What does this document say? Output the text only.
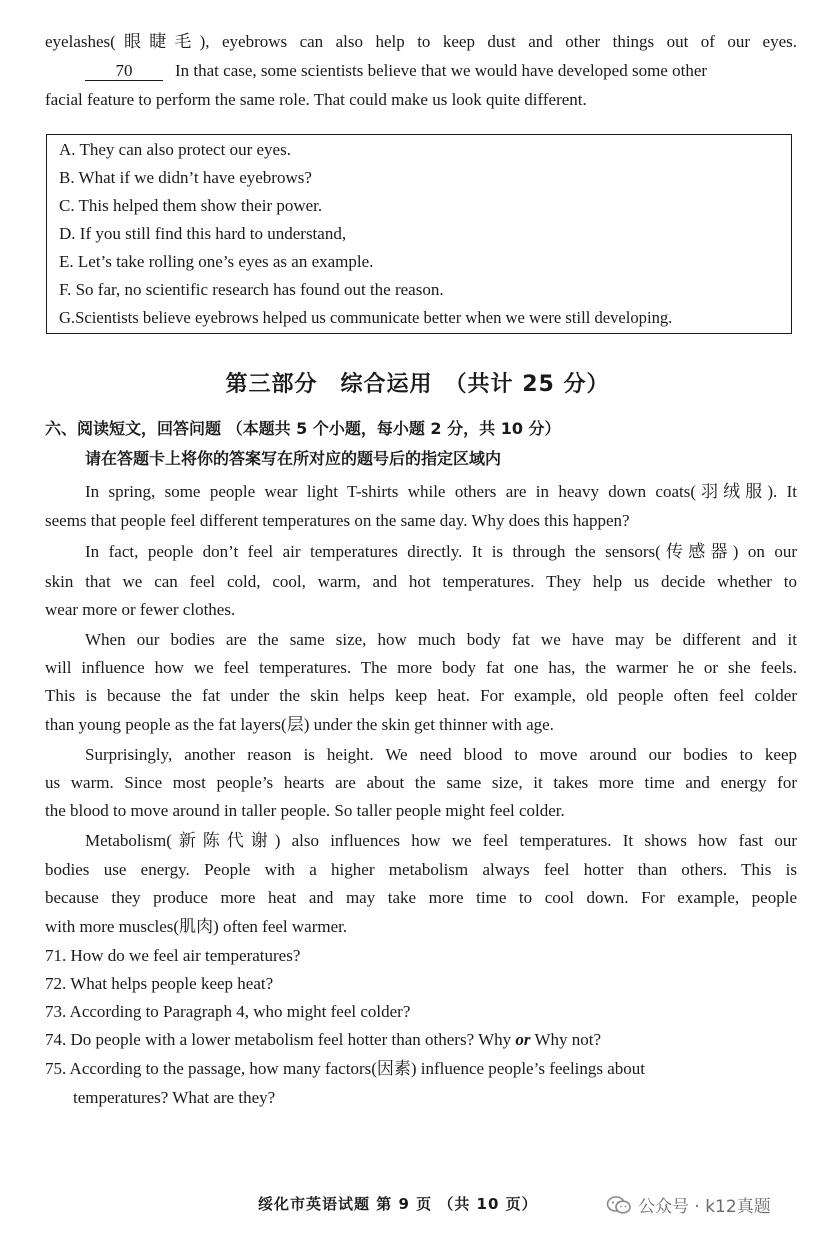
eyelashes(眼睫毛), eyebrows can also help to keep dust and other things out of our eyes.
70	In that case, some scientists believe that we would have developed some other
facial feature to perform the same role. That could make us look quite different.
A. They can also protect our eyes.
B. What if we didn’t have eyebrows?
C. This helped them show their power.
D. If you still find this hard to understand,
E. Let’s take rolling one’s eyes as an example.
F. So far, no scientific research has found out the reason.
G.Scientists believe eyebrows helped us communicate better when we were still developing.
第三部分　综合运用　（共计 25 分）
六、阅读短文，回答问题 （本题共 5 个小题，每小题 2 分，共 10 分）
请在答题卡上将你的答案写在所对应的题号后的指定区域内
In spring, some people wear light T-shirts while others are in heavy down coats(羽绒服). It
seems that people feel different temperatures on the same day. Why does this happen?
In fact, people don’t feel air temperatures directly. It is through the sensors(传感器) on our
skin that we can feel cold, cool, warm, and hot temperatures. They help us decide whether to
wear more or fewer clothes.
When our bodies are the same size, how much body fat we have may be different and it
will influence how we feel temperatures. The more body fat one has, the warmer he or she feels.
This is because the fat under the skin helps keep heat. For example, old people often feel colder
than young people as the fat layers(层) under the skin get thinner with age.
Surprisingly, another reason is height. We need blood to move around our bodies to keep
us warm. Since most people’s hearts are about the same size, it takes more time and energy for
the blood to move around in taller people. So taller people might feel colder.
Metabolism(新陈代谢) also influences how we feel temperatures. It shows how fast our
bodies use energy. People with a higher metabolism always feel hotter than others. This is
because they produce more heat and may take more time to cool down. For example, people
with more muscles(肌肉) often feel warmer.
71. How do we feel air temperatures?
72. What helps people keep heat?
73. According to Paragraph 4, who might feel colder?
74. Do people with a lower metabolism feel hotter than others? Why or Why not?
75. According to the passage, how many factors(因素) influence people’s feelings about
temperatures? What are they?
绥化市英语试题 第 9 页 （共 10 页）	公众号 · k12真题
